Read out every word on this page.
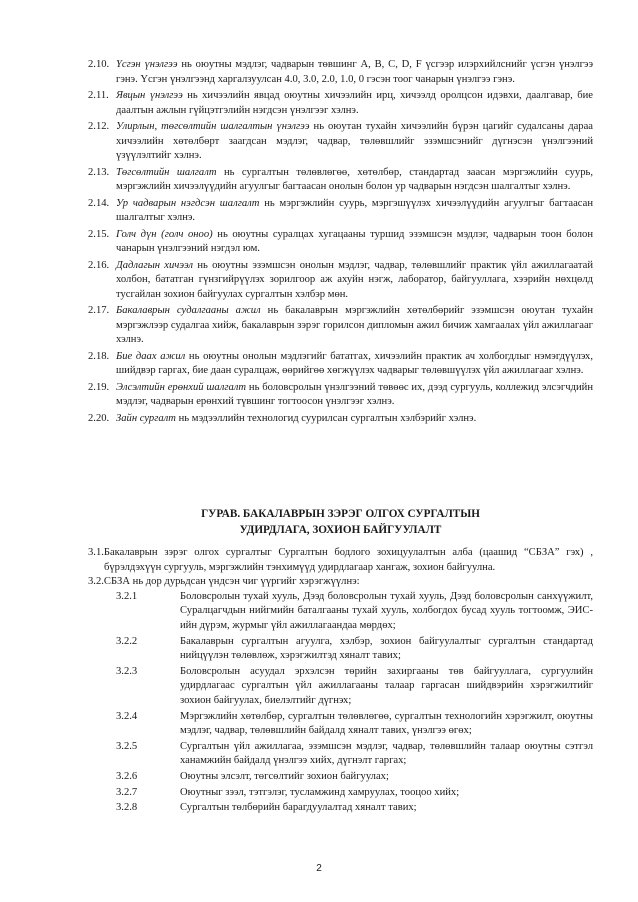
2.10. Үсгэн үнэлгээ нь оюутны мэдлэг, чадварын төвшинг A, B, C, D, F үсгээр илэрхийлснийг үсгэн үнэлгээ гэнэ. Үсгэн үнэлгээнд харгалзуулсан 4.0, 3.0, 2.0, 1.0, 0 гэсэн тоог чанарын үнэлгээ гэнэ.
2.11. Явцын үнэлгээ нь хичээлийн явцад оюутны хичээлийн ирц, хичээлд оролцсон идэвхи, даалгавар, бие даалтын ажлын гүйцэтгэлийн нэгдсэн үнэлгээг хэлнэ.
2.12. Улирлын, төгсөлтийн шалгалтын үнэлгээ нь оюутан тухайн хичээлийн бүрэн цагийг судалсаны дараа хичээлийн хөтөлбөрт заагдсан мэдлэг, чадвар, төлөвшлийг эзэмшсэнийг дүгнэсэн үнэлгээний үзүүлэлтийг хэлнэ.
2.13. Төгсөлтийн шалгалт нь сургалтын төлөвлөгөө, хөтөлбөр, стандартад заасан мэргэжлийн суурь, мэргэжлийн хичээлүүдийн агуулгыг багтаасан онолын болон ур чадварын нэгдсэн шалгалтыг хэлнэ.
2.14. Ур чадварын нэгдсэн шалгалт нь мэргэжлийн суурь, мэргэшүүлэх хичээлүүдийн агуулгыг багтаасан шалгалтыг хэлнэ.
2.15. Голч дүн (голч оноо) нь оюутны суралцах хугацааны туршид эзэмшсэн мэдлэг, чадварын тоон болон чанарын үнэлгээний нэгдэл юм.
2.16. Дадлагын хичээл нь оюутны эзэмшсэн онолын мэдлэг, чадвар, төлөвшлийг практик үйл ажиллагаатай холбон, бататган гүнзгийрүүлэх зорилгоор аж ахуйн нэгж, лаборатор, байгууллага, хээрийн нөхцөлд тусгайлан зохион байгуулах сургалтын хэлбэр мөн.
2.17. Бакалаврын судалгааны ажил нь бакалаврын мэргэжлийн хөтөлбөрийг эзэмшсэн оюутан тухайн мэргэжлээр судалгаа хийж, бакалаврын зэрэг горилсон дипломын ажил бичиж хамгаалах үйл ажиллагааг хэлнэ.
2.18. Бие даах ажил нь оюутны онолын мэдлэгийг бататгах, хичээлийн практик ач холбогдлыг нэмэгдүүлэх, шийдвэр гаргах, бие даан суралцаж, өөрийгөө хөгжүүлэх чадварыг төлөвшүүлэх үйл ажиллагааг хэлнэ.
2.19. Элсэлтийн ерөнхий шалгалт нь боловсролын үнэлгээний төвөөс их, дээд сургууль, коллежид элсэгчдийн мэдлэг, чадварын ерөнхий түвшинг тогтоосон үнэлгээг хэлнэ.
2.20. Зайн сургалт нь мэдээллийн технологид суурилсан сургалтын хэлбэрийг хэлнэ.
ГУРАВ. БАКАЛАВРЫН ЗЭРЭГ ОЛГОХ СУРГАЛТЫН
УДИРДЛАГА, ЗОХИОН БАЙГУУЛАЛТ
3.1.Бакалаврын зэрэг олгох сургалтыг Сургалтын бодлого зохицуулалтын алба (цаашид “СБЗА” гэх) , бүрэлдэхүүн сургууль, мэргэжлийн тэнхимүүд удирдлагаар хангаж, зохион байгуулна.
3.2.СБЗА нь дор дурьдсан үндсэн чиг үүргийг хэрэгжүүлнэ:
3.2.1	Боловсролын тухай хууль, Дээд боловсролын тухай хууль, Дээд боловсролын санхүүжилт, Суралцагчдын нийгмийн баталгааны тухай хууль, холбогдох бусад хууль тогтоомж, ЭИС-ийн дүрэм, журмыг үйл ажиллагаандаа мөрдөх;
3.2.2	Бакалаврын сургалтын агуулга, хэлбэр, зохион байгуулалтыг сургалтын стандартад нийцүүлэн төлөвлөж, хэрэгжилтэд хяналт тавих;
3.2.3	Боловсролын асуудал эрхэлсэн төрийн захиргааны төв байгууллага, сургуулийн удирдлагаас сургалтын үйл ажиллагааны талаар гаргасан шийдвэрийн хэрэгжилтийг зохион байгуулах, биелэлтийг дүгнэх;
3.2.4	Мэргэжлийн хөтөлбөр, сургалтын төлөвлөгөө, сургалтын технологийн хэрэгжилт, оюутны мэдлэг, чадвар, төлөвшлийн байдалд хяналт тавих, үнэлгээ өгөх;
3.2.5	Сургалтын үйл ажиллагаа, эзэмшсэн мэдлэг, чадвар, төлөвшлийн талаар оюутны сэтгэл ханамжийн байдалд үнэлгээ хийх, дүгнэлт гаргах;
3.2.6	Оюутны элсэлт, төгсөлтийг зохион байгуулах;
3.2.7	Оюутныг зээл, тэтгэлэг, тусламжинд хамруулах, тооцоо хийх;
3.2.8	Сургалтын төлбөрийн барагдуулалтад хяналт тавих;
2
